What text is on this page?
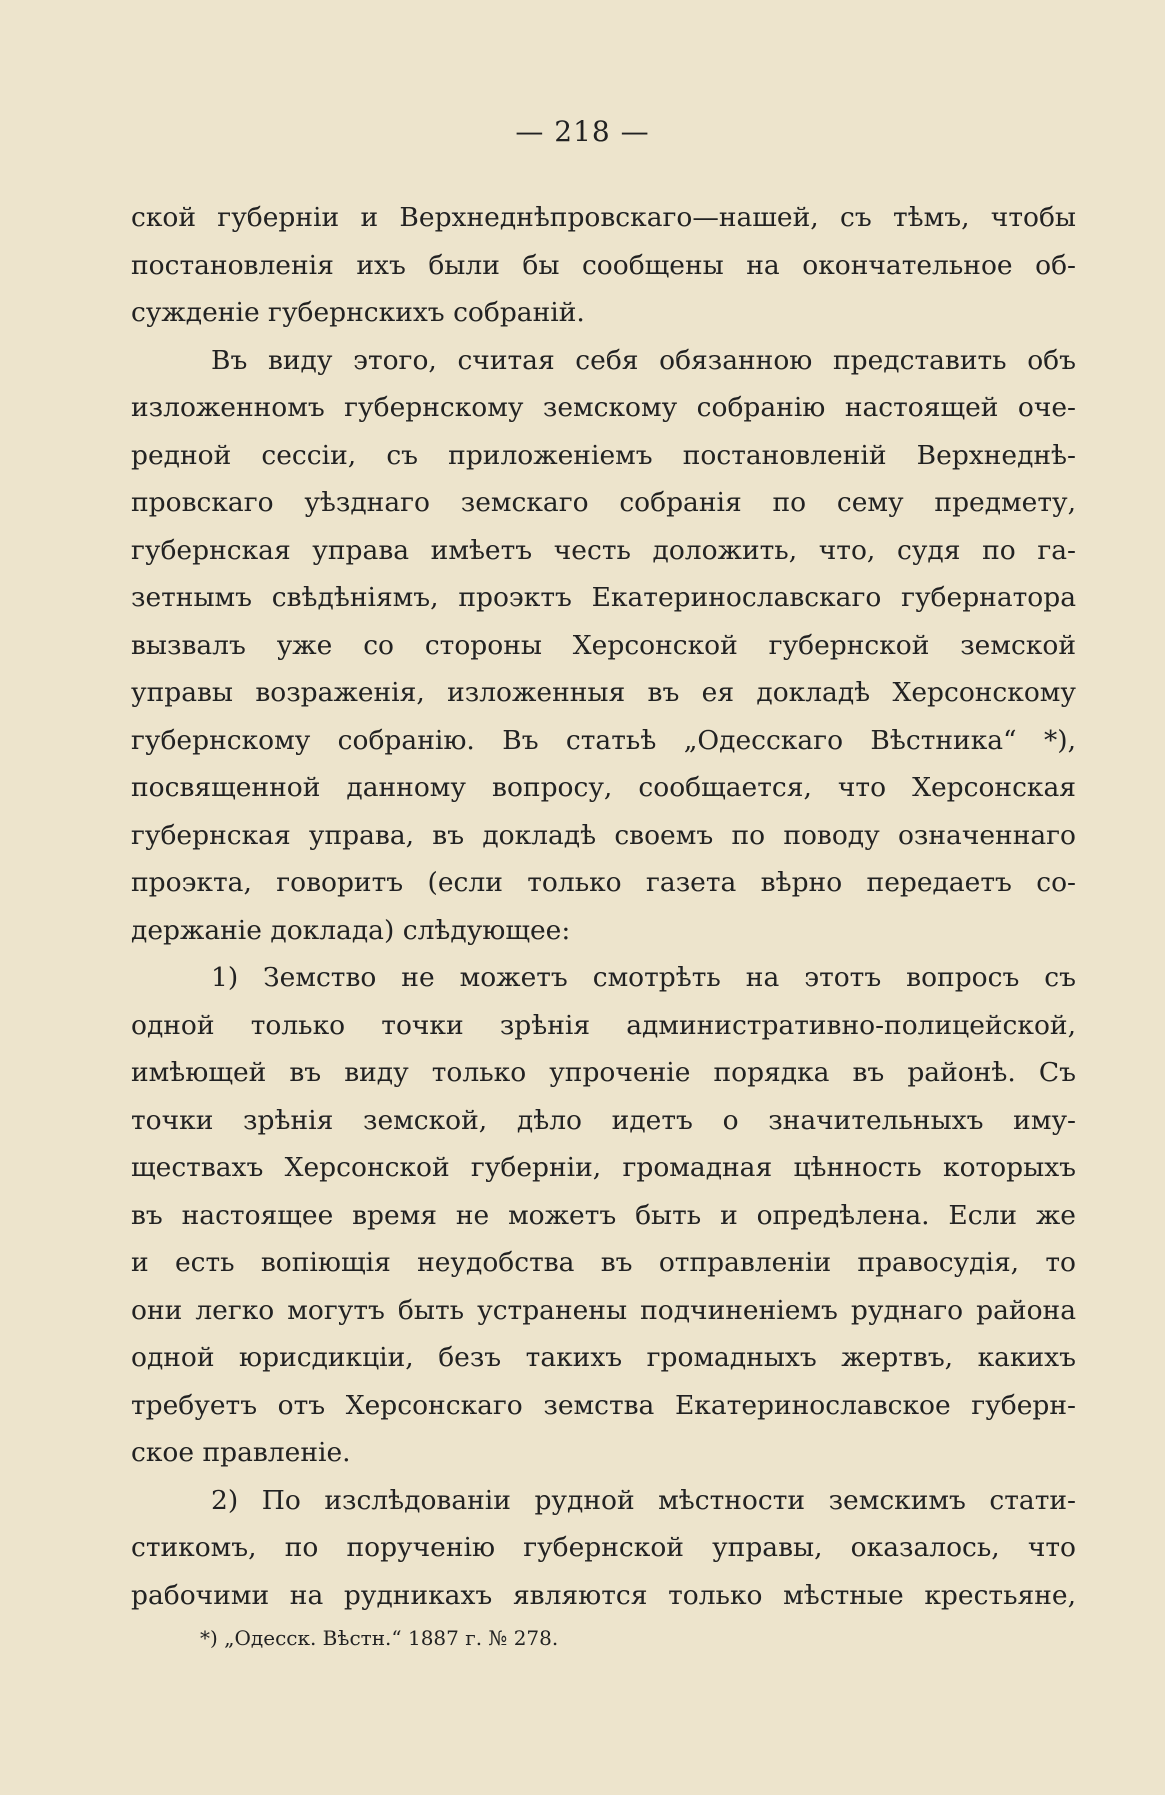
— 218 —
ской губерніи и Верхнеднѣпровскаго—нашей, съ тѣмъ, чтобы
постановленія ихъ были бы сообщены на окончательное об-
сужденіе губернскихъ собраній.
Въ виду этого, считая себя обязанною представить объ
изложенномъ губернскому земскому собранію настоящей оче-
редной сессіи, съ приложеніемъ постановленій Верхнеднѣ-
провскаго уѣзднаго земскаго собранія по сему предмету,
губернская управа имѣетъ честь доложить, что, судя по га-
зетнымъ свѣдѣніямъ, проэктъ Екатеринославскаго губернатора
вызвалъ уже со стороны Херсонской губернской земской
управы возраженія, изложенныя въ ея докладѣ Херсонскому
губернскому собранію. Въ статьѣ „Одесскаго Вѣстника“ *),
посвященной данному вопросу, сообщается, что Херсонская
губернская управа, въ докладѣ своемъ по поводу означеннаго
проэкта, говоритъ (если только газета вѣрно передаетъ со-
держаніе доклада) слѣдующее:
1) Земство не можетъ смотрѣть на этотъ вопросъ съ
одной только точки зрѣнія административно-полицейской,
имѣющей въ виду только упроченіе порядка въ районѣ. Съ
точки зрѣнія земской, дѣло идетъ о значительныхъ иму-
ществахъ Херсонской губерніи, громадная цѣнность которыхъ
въ настоящее время не можетъ быть и опредѣлена. Если же
и есть вопіющія неудобства въ отправленіи правосудія, то
они легко могутъ быть устранены подчиненіемъ руднаго района
одной юрисдикціи, безъ такихъ громадныхъ жертвъ, какихъ
требуетъ отъ Херсонскаго земства Екатеринославское губерн-
ское правленіе.
2) По изслѣдованіи рудной мѣстности земскимъ стати-
стикомъ, по порученію губернской управы, оказалось, что
рабочими на рудникахъ являются только мѣстные крестьяне,
*) „Одесск. Вѣстн.“ 1887 г. № 278.
